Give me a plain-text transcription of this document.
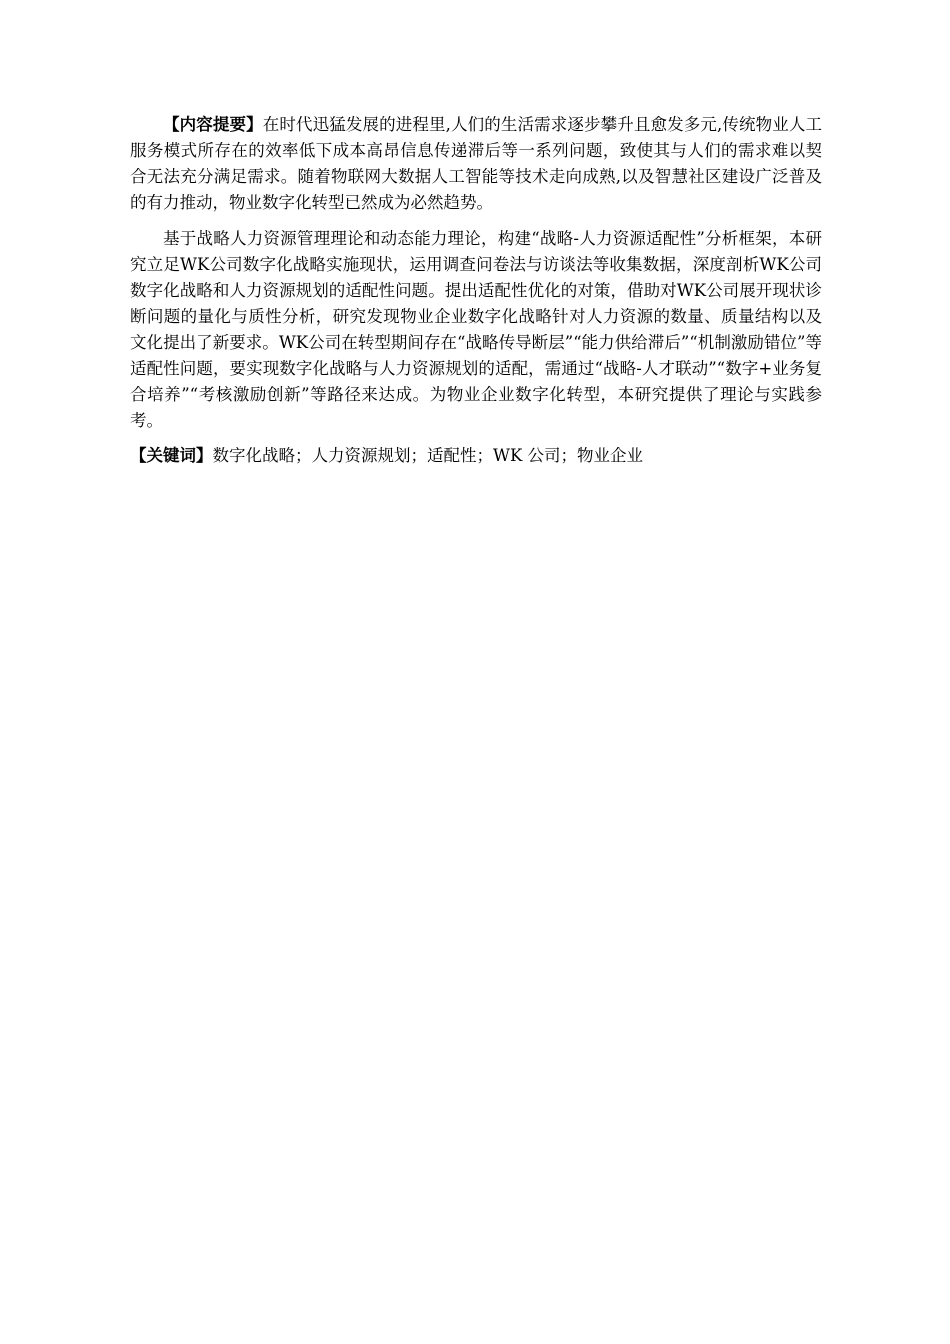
【内容提要】在时代迅猛发展的进程里,人们的生活需求逐步攀升且愈发多元,传统物业人工服务模式所存在的效率低下成本高昂信息传递滞后等一系列问题，致使其与人们的需求难以契合无法充分满足需求。随着物联网大数据人工智能等技术走向成熟,以及智慧社区建设广泛普及的有力推动，物业数字化转型已然成为必然趋势。

基于战略人力资源管理理论和动态能力理论，构建“战略-人力资源适配性”分析框架，本研究立足WK公司数字化战略实施现状，运用调查问卷法与访谈法等收集数据，深度剖析WK公司数字化战略和人力资源规划的适配性问题。提出适配性优化的对策，借助对WK公司展开现状诊断问题的量化与质性分析，研究发现物业企业数字化战略针对人力资源的数量、质量结构以及文化提出了新要求。WK公司在转型期间存在“战略传导断层”“能力供给滞后”“机制激励错位”等适配性问题，要实现数字化战略与人力资源规划的适配，需通过“战略-人才联动”“数字+业务复合培养”“考核激励创新”等路径来达成。为物业企业数字化转型，本研究提供了理论与实践参考。

【关键词】数字化战略；人力资源规划；适配性；WK 公司；物业企业
